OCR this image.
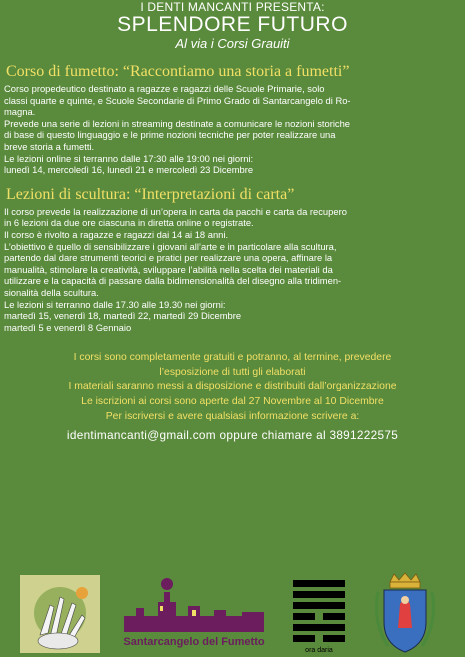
I DENTI MANCANTI PRESENTA:
SPLENDORE FUTURO
Al via i Corsi Grauiti
Corso di fumetto: “Raccontiamo una storia a fumetti”

Corso propedeutico destinato a ragazze e ragazzi delle Scuole Primarie, solo

classi quarte e quinte, e Scuole Secondarie di Primo Grado di Santarcangelo di Ro-

magna.

Prevede una serie di lezioni in streaming destinate a comunicare le nozioni storiche

di base di questo linguaggio e le prime nozioni tecniche per poter realizzare una

breve storia a fumetti.

Le lezioni online si terranno dalle 17:30 alle 19:00 nei giorni:

lunedì 14, mercoledì 16, lunedì 21 e mercoledì 23 Dicembre

Lezioni di scultura: “Interpretazioni di carta”

Il corso prevede la realizzazione di un’opera in carta da pacchi e carta da recupero

in 6 lezioni da due ore ciascuna in diretta online o registrate.

Il corso è rivolto a ragazze e ragazzi dai 14 ai 18 anni.

L’obiettivo è quello di sensibilizzare i giovani all’arte e in particolare alla scultura,

partendo dal dare strumenti teorici e pratici per realizzare una opera, affinare la

manualità, stimolare la creatività, sviluppare l’abilità nella scelta dei materiali da

utilizzare e la capacità di passare dalla bidimensionalità del disegno alla tridimen-

sionalità della scultura.

Le lezioni si terranno dalle 17.30 alle 19.30 nei giorni:

martedì 15, venerdì 18, martedì 22, martedì 29 Dicembre

martedì 5 e venerdì 8 Gennaio

I corsi sono completamente gratuiti e potranno, al termine, prevedere
l’esposizione di tutti gli elaborati
I materiali saranno messi a disposizione e distribuiti dall’organizzazione
Le iscrizioni ai corsi sono aperte dal 27 Novembre al 10 Dicembre
Per iscriversi e avere qualsiasi informazione scrivere a:
identimancanti@gmail.com oppure chiamare al 3891222575
Santarcangelo del Fumetto
ora daria
